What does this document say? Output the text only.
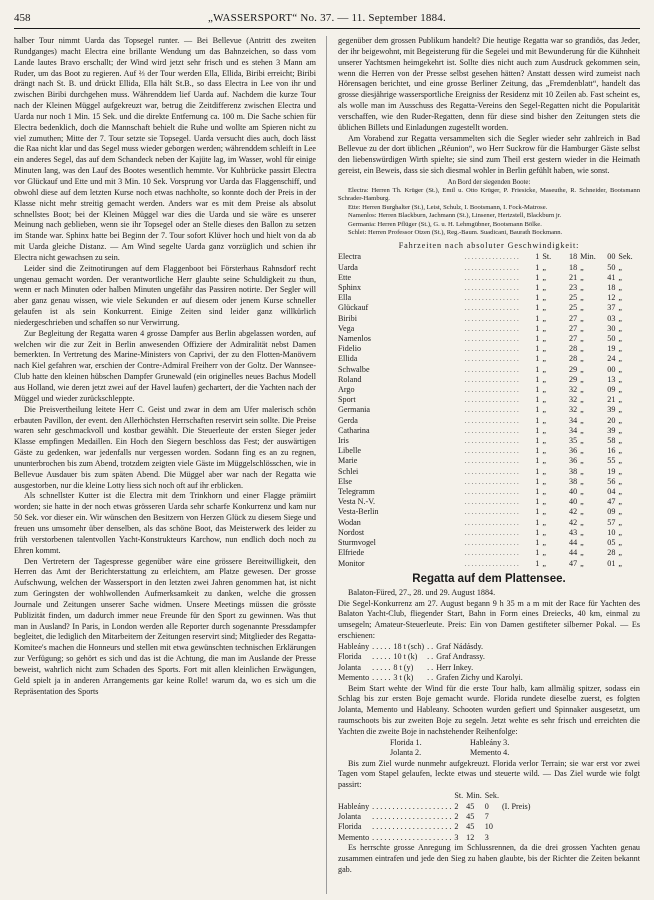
458	„WASSERSPORT“ No. 37. — 11. September 1884.

halber Tour nimmt Uarda das Topsegel runter. — Bei Bellevue (Antritt des zweiten Rundganges) macht Electra eine brillante Wendung um das Bahnzeichen, so dass vom Lande lautes Bravo erschallt; der Wind wird jetzt sehr frisch und es stehen 3 Mann am Ruder, um das Boot zu regieren. Auf ⅔ der Tour werden Ella, Ellida, Biribi erreicht; Biribi drängt nach St. B. und drückt Ellida, Ella hält St.B., so dass Electra in Lee von ihr und zwischen Biribi durchgehen muss. Währenddem lief Uarda auf. Nachdem die kurze Tour nach der Kleinen Müggel aufgekreuzt war, betrug die Zeitdifferenz zwischen Electra und Uarda nur noch 1 Min. 15 Sek. und die direkte Entfernung ca. 100 m. Die Sache schien für Electra bedenklich, doch die Mannschaft behielt die Ruhe und wollte am Spieren nicht zu viel zumuthen; Mitte der 7. Tour setzte sie Topsegel. Uarda versucht dies auch, doch lässt die Raa nicht klar und das Segel muss wieder geborgen werden; währenddem schleift in Lee ein anderes Segel, das auf dem Schandeck neben der Kajüte lag, im Wasser, wohl für einige Minuten lang, was den Lauf des Bootes wesentlich hemmte. Vor Kuhbrücke passirt Electra vor Glückauf und Ette und mit 3 Min. 10 Sek. Vorsprung vor Uarda das Flaggenschiff, und obwohl diese auf dem letzten Kurse noch etwas nachholte, so konnte doch der Preis in der Klasse nicht mehr streitig gemacht werden. Anders war es mit dem Preise als absolut schnellstes Boot; bei der Kleinen Müggel war dies die Uarda und sie wäre es unserer Meinung nach geblieben, wenn sie ihr Topsegel oder an Stelle dieses den Ballon zu setzen im Stande war. Sphinx hatte bei Beginn der 7. Tour sofort Klüver hoch und hielt von da ab mit Uarda gleiche Distanz. — Am Wind segelte Uarda ganz vorzüglich und schien ihr Electra nicht gewachsen zu sein.

Leider sind die Zeitnotirungen auf dem Flaggenboot bei Försterhaus Rahnsdorf recht ungenau gemacht worden. Der verantwortliche Herr glaubte seine Schuldigkeit zu thun, wenn er nach Minuten oder halben Minuten ungefähr das Passiren notirte. Der Segler will aber ganz genau wissen, wie viele Sekunden er auf diesem oder jenem Kurse schneller gelaufen ist als sein Konkurrent. Einige Zeiten sind leider ganz willkürlich niedergeschrieben und schaffen so nur Verwirrung.

Zur Begleitung der Regatta waren 4 grosse Dampfer aus Berlin abgelassen worden, auf welchen wir die zur Zeit in Berlin anwesenden Offiziere der Admiralität nebst Damen bemerkten. In Vertretung des Marine-Ministers von Caprivi, der zu den Flotten-Manövern nach Kiel gefahren war, erschien der Contre-Admiral Freiherr von der Goltz. Der Wannsee-Club hatte den kleinen hübschen Dampfer Grunewald (ein originelles neues Bachus Modell aus Holland, wie deren jetzt zwei auf der Havel laufen) gechartert, der die Yachten nach der Müggel und wieder zurückschleppte.

Die Preisvertheilung leitete Herr C. Geist und zwar in dem am Ufer malerisch schön erbauten Pavillon, der event. den Allerhöchsten Herrschaften reservirt sein sollte. Die Preise waren sehr geschmackvoll und kostbar gewählt. Die Steuerleute der ersten Sieger jeder Klasse empfingen Medaillen. Ein Hoch den Siegern beschloss das Fest; der auswärtigen Gäste zu gedenken, war jedenfalls nur vergessen worden. Sodann fing es an zu regnen, ununterbrochen bis zum Abend, trotzdem zeigten viele Gäste im Müggelschlösschen, wie in Bellevue Ausdauer bis zum späten Abend. Die Müggel aber war nach der Regatta wie ausgestorben, nur die kleine Lotty liess sich noch oft auf ihr erblicken.

Als schnellster Kutter ist die Electra mit dem Trinkhorn und einer Flagge prämiirt worden; sie hatte in der noch etwas grösseren Uarda sehr scharfe Konkurrenz und kam nur 50 Sek. vor dieser ein. Wir wünschen den Besitzern von Herzen Glück zu diesem Siege und freuen uns umsomehr über denselben, als das schöne Boot, das Meisterwerk des leider zu früh verstorbenen talentvollen Yacht-Konstrukteurs Karchow, nun endlich doch noch zu Ehren kommt.

Den Vertretern der Tagespresse gegenüber wäre eine grössere Bereitwilligkeit, den Herren das Amt der Berichterstattung zu erleichtern, am Platze gewesen. Der grosse Aufschwung, welchen der Wassersport in den letzten zwei Jahren genommen hat, ist nicht zum Geringsten der wohlwollenden Aufmerksamkeit zu danken, welche die grossen Journale und Zeitungen unserer Sache widmen. Unsere Meetings müssen die grösste Publizität finden, um dadurch immer neue Freunde für den Sport zu gewinnen. Was thut man in Ausland? In Paris, in London werden alle Reporter durch sogenannte Pressdampfer begleitet, die lediglich den Mitarbeitern der Zeitungen reservirt sind; Mitglieder des Regatta-Komitee's machen die Honneurs und stellen mit etwa gewünschten technischen Erklärungen zur Verfügung; so gehört es sich und das ist die Achtung, die man im Auslande der Presse beweist, wahrlich nicht zum Schaden des Sports. Fort mit allen kleinlichen Erwägungen, Geld spielt ja in anderen Arrangements gar keine Rolle! warum da, wo es sich um die Repräsentation des Sports

gegenüber dem grossen Publikum handelt? Die heutige Regatta war so grandiös, das Jeder, der ihr beigewohnt, mit Begeisterung für die Segelei und mit Bewunderung für die Kühnheit unserer Yachtsmen heimgekehrt ist. Sollte dies nicht auch zum Ausdruck gekommen sein, wenn die Herren von der Presse selbst gesehen hätten? Anstatt dessen wird zumeist nach Hörensagen berichtet, und eine grosse Berliner Zeitung, das „Fremdenblatt“, handelt das grosse diesjährige wassersportliche Ereigniss der Residenz mit 10 Zeilen ab. Fast scheint es, als wolle man im Ausschuss des Regatta-Vereins den Segel-Regatten nicht die Popularität verschaffen, wie den Ruder-Regatten, denn für diese sind bisher den Zeitungen stets die üblichen Billets und Einladungen zugestellt worden.

Am Vorabend zur Regatta versammelten sich die Segler wieder sehr zahlreich in Bad Bellevue zu der dort üblichen „Réunion“, wo Herr Suckrow für die Hamburger Gäste selbst den liebenswürdigen Wirth spielte; sie sind zum Theil erst gestern wieder in die Heimath gereist, ein Beweis, dass sie sich diesmal wohler in Berlin gefühlt haben, wie sonst.

An Bord der siegenden Boote:

Electra: Herren Th. Krüger (St.), Emil u. Otto Krüger, P. Friesicke, Maseuthe, R. Schneider, Bootsmann Schrader-Hamburg.

Ette: Herren Burghalter (St.), Leist, Schulz, I. Bootsmann, I. Fock-Matrose.

Namenlos: Herren Blackburn, Jachmann (St.), Linsener, Hertzstell, Blackburn jr.

Germania: Herren Pflüger (St.), G. u. H. Lehmgübner, Bootsmann Bölke.

Schlei: Herren Professor Otzen (St.), Reg.-Baum. Suadicani, Baurath Bockmann.

Fahrzeiten nach absoluter Geschwindigkeit:
Electra	. . . . . . . . . . . . . . . .	1	St.	18	Min.	00	Sek.
Uarda	. . . . . . . . . . . . . . . .	1	„	18	„	50	„
Ette	. . . . . . . . . . . . . . . .	1	„	21	„	41	„
Sphinx	. . . . . . . . . . . . . . . .	1	„	23	„	18	„
Ella	. . . . . . . . . . . . . . . .	1	„	25	„	12	„
Glückauf	. . . . . . . . . . . . . . . .	1	„	25	„	37	„
Biribi	. . . . . . . . . . . . . . . .	1	„	27	„	03	„
Vega	. . . . . . . . . . . . . . . .	1	„	27	„	30	„
Namenlos	. . . . . . . . . . . . . . . .	1	„	27	„	50	„
Fidelio	. . . . . . . . . . . . . . . .	1	„	28	„	19	„
Ellida	. . . . . . . . . . . . . . . .	1	„	28	„	24	„
Schwalbe	. . . . . . . . . . . . . . . .	1	„	29	„	00	„
Roland	. . . . . . . . . . . . . . . .	1	„	29	„	13	„
Argo	. . . . . . . . . . . . . . . .	1	„	32	„	09	„
Sport	. . . . . . . . . . . . . . . .	1	„	32	„	21	„
Germania	. . . . . . . . . . . . . . . .	1	„	32	„	39	„
Gerda	. . . . . . . . . . . . . . . .	1	„	34	„	20	„
Catharina	. . . . . . . . . . . . . . . .	1	„	34	„	39	„
Iris	. . . . . . . . . . . . . . . .	1	„	35	„	58	„
Libelle	. . . . . . . . . . . . . . . .	1	„	36	„	16	„
Marie	. . . . . . . . . . . . . . . .	1	„	36	„	55	„
Schlei	. . . . . . . . . . . . . . . .	1	„	38	„	19	„
Else	. . . . . . . . . . . . . . . .	1	„	38	„	56	„
Telegramm	. . . . . . . . . . . . . . . .	1	„	40	„	04	„
Vesta N.-V.	. . . . . . . . . . . . . . . .	1	„	40	„	47	„
Vesta-Berlin	. . . . . . . . . . . . . . . .	1	„	42	„	09	„
Wodan	. . . . . . . . . . . . . . . .	1	„	42	„	57	„
Nordost	. . . . . . . . . . . . . . . .	1	„	43	„	10	„
Sturmvogel	. . . . . . . . . . . . . . . .	1	„	44	„	05	„
Elfriede	. . . . . . . . . . . . . . . .	1	„	44	„	28	„
Monitor	. . . . . . . . . . . . . . . .	1	„	47	„	01	„
Regatta auf dem Plattensee.

Balaton-Füred, 27., 28. und 29. August 1884.

Die Segel-Konkurrenz am 27. August begann 9 h 35 m a m mit der Race für Yachten des Balaton Yacht-Club, fliegender Start, Bahn in Form eines Dreiecks, 40 km, einmal zu umsegeln; Amateur-Steuerleute. Preis: Ein von Damen gestifteter silberner Pokal. — Es erschienen:

Hableány	. . . . .	18 t (sch)	. .	Graf Nádásdy.
Florida	. . . . .	10 t (k)	. .	Graf Andrassy.
Jolanta	. . . . .	8 t (y)	. .	Herr Inkey.
Memento	. . . . .	3 t (k)	. .	Grafen Zichy und Karolyi.

Beim Start wehte der Wind für die erste Tour halb, kam allmälig spitzer, sodass ein Schlag bis zur ersten Boje gemacht wurde. Florida rundete dieselbe zuerst, es folgten Jolanta, Memento und Hableany. Schooten wurden gefiert und Spinnaker ausgesetzt, um raumschoots bis zur zweiten Boje zu segeln. Jetzt wehte es sehr frisch und erreichten die Yachten die zweite Boje in nachstehender Reihenfolge:

Florida 1.	Hableány 3.
Jolanta 2.	Memento 4.

Bis zum Ziel wurde nunmehr aufgekreuzt. Florida verlor Terrain; sie war erst vor zwei Tagen vom Stapel gelaufen, leckte etwas und steuerte wild. — Das Ziel wurde wie folgt passirt:

		St.	Min.	Sek.	
Hableány	. . . . . . . . . . . . . . . . . . . .	2	45	0	(I. Preis)
Jolanta	. . . . . . . . . . . . . . . . . . . .	2	45	7	
Florida	. . . . . . . . . . . . . . . . . . . .	2	45	10	
Memento	. . . . . . . . . . . . . . . . . . . .	3	12	3	

Es herrschte grosse Anregung im Schlussrennen, da die drei grossen Yachten genau zusammen eintrafen und jede den Sieg zu haben glaubte, bis der Richter die Zeiten bekannt gab.
